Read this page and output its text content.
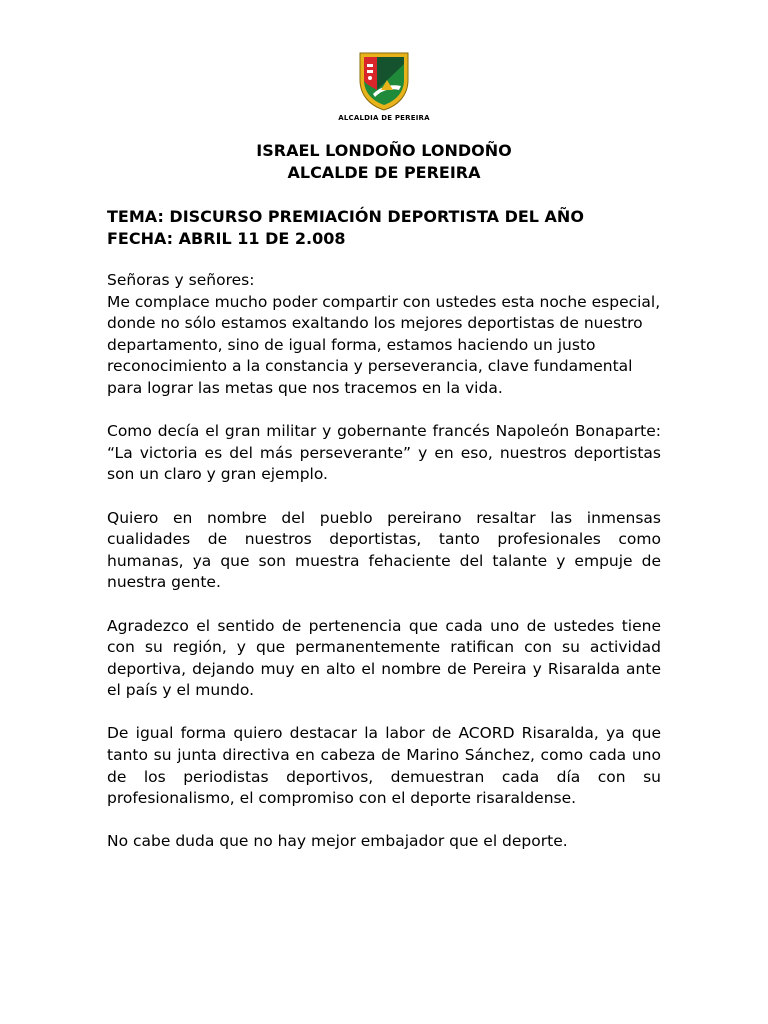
ALCALDIA DE PEREIRA
ISRAEL LONDOÑO LONDOÑO
ALCALDE DE PEREIRA
TEMA: DISCURSO PREMIACIÓN DEPORTISTA DEL AÑO
FECHA: ABRIL 11 DE 2.008

Señoras y señores:
Me complace mucho poder compartir con ustedes esta noche especial, donde no sólo estamos exaltando los mejores deportistas de nuestro departamento, sino de igual forma, estamos haciendo un justo reconocimiento a la constancia y perseverancia, clave fundamental para lograr las metas que nos tracemos en la vida.

Como decía el gran militar y gobernante francés Napoleón Bonaparte: “La victoria es del más perseverante” y en eso, nuestros deportistas son un claro y gran ejemplo.

Quiero en nombre del pueblo pereirano resaltar las inmensas cualidades de nuestros deportistas, tanto profesionales como humanas, ya que son muestra fehaciente del talante y empuje de nuestra gente.

Agradezco el sentido de pertenencia que cada uno de ustedes tiene con su región, y que permanentemente ratifican con su actividad deportiva, dejando muy en alto el nombre de Pereira y Risaralda ante el país y el mundo.

De igual forma quiero destacar la labor de ACORD Risaralda, ya que tanto su junta directiva en cabeza de Marino Sánchez, como cada uno de los periodistas deportivos, demuestran cada día con su profesionalismo, el compromiso con el deporte risaraldense.

No cabe duda que no hay mejor embajador que el deporte.
